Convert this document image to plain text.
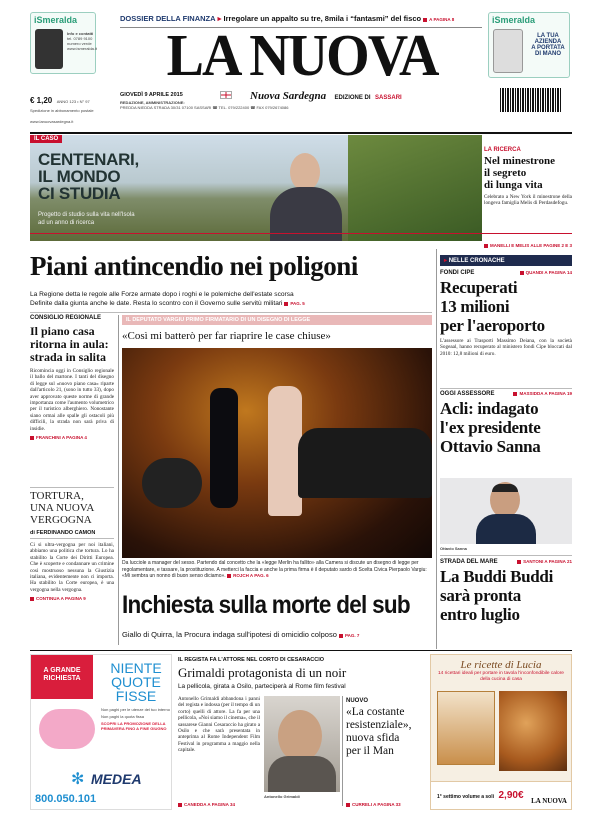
iSmeralda
Info e contatti
tel. 0789 9100
numero verde
www.ismeralda.it
€ 1,20 ANNO 123 • N° 97
Spedizione in abbonamento postale
www.lanuovasardegna.it
DOSSIER DELLA FINANZA ▸ Irregolare un appalto su tre, 8mila i “fantasmi” del fisco A PAGINA 8
LA NUOVA
Nuova Sardegna EDIZIONE DI SASSARI
GIOVEDÌ 9 APRILE 2015
REDAZIONE, AMMINISTRAZIONE:
PREDDA NIEDDA STRADA 30/31 07100 SASSARI ☎ TEL. 079/222400 ☎ FAX 079/2674086
iSmeralda
LA TUA
AZIENDA
A PORTATA
DI MANO
IL CASO
CENTENARI,
IL MONDO
CI STUDIA
Progetto di studio sulla vita nell'Isola
ad un anno di ricerca
LA RICERCA
Nel minestrone
il segreto
di lunga vita
Celebrato a New York il minestrone della longeva famiglia Melis di Perdasdefogu.
MANELLI E MELIS ALLE PAGINE 2 E 3
Piani antincendio nei poligoni
La Regione detta le regole alle Forze armate dopo i roghi e le polemiche dell'estate scorsa
Definite dalla giunta anche le date. Resta lo scontro con il Governo sulle servitù militari PAG. 5
CONSIGLIO REGIONALE
Il piano casa
ritorna in aula:
strada in salita
Ricomincia oggi in Consiglio regionale il ballo del martone. I tanti del disegno di legge sul «nuovo piano casa» riparte dall'articolo 21, (sono in tutto 33), dopo aver approvato queste norme di grande importanza come l'aumento volumetrico per il turistico alberghiero. Nonostante siano ormai alle spalle gli ostacoli più difficili, la strada non sarà priva di insidie.
FRANCHINI A PAGINA 4
TORTURA,
UNA NUOVA
VERGOGNA
di FERDINANDO CAMON
Ci si ultra-vergogna per noi italiani, abbiamo una politica che tortura. Lo ha stabilito la Corte dei Diritti Europea. Che è scoperte e condannare un crimine così mostruoso nessuna la Giustizia italiana, evidentemente non ci importa. Ha stabilito la Corte europea, è una vergogna nella vergogna.
CONTINUA A PAGINA 9
IL DEPUTATO VARGIU PRIMO FIRMATARIO DI UN DISEGNO DI LEGGE
«Così mi batterò per far riaprire le case chiuse»
Da lucciole a manager del sesso. Partendo dal concetto che la «legge Merlin ha fallito» alla Camera si discute un disegno di legge per regolamentare, e tassare, la prostituzione. A metterci la faccia e anche la prima firma è il deputato sardo di Scelta Civica Pierpaolo Vargiu: «Mi sembra un nonno di buon senso diciamo». ROJCH A PAG. 6
Inchiesta sulla morte del sub
Giallo di Quirra, la Procura indaga sull'ipotesi di omicidio colposo PAG. 7
▸ NELLE CRONACHE
FONDI CIPE	QUANDI A PAGINA 14
Recuperati
13 milioni
per l'aeroporto
L'assessore ai Trasporti Massimo Deiana, con la società Sogeaal, hanno recuperato al ministero fondi Cipe bloccati dal 2010: 12,8 milioni di euro.
OGGI ASSESSORE	MASSIDDA A PAGINA 19
Acli: indagato
l'ex presidente
Ottavio Sanna
Ottavio Sanna
STRADA DEL MARE	SANTONI A PAGINA 21
La Buddi Buddi
sarà pronta
entro luglio
A GRANDE
RICHIESTA
NIENTE
QUOTE
FISSE
Non paghi per le utenze del tuo interno
Non paghi la quota fissa
SCOPRI LA PROMOZIONE DELLA PRIMAVERA FINO A FINE GIUGNO
MEDEA
✻
800.050.101
IL REGISTA FA L'ATTORE NEL CORTO DI CESARACCIO
Grimaldi protagonista di un noir
La pellicola, girata a Osilo, parteciperà al Rome film festival
Antonello Grimaldi abbandona i panni del regista e indossa (per il tempo di un corto) quelli di attore. La fa per una pellicola, «Noi siamo il cinema», che il sassarese Gianni Cesaraccio ha girato a Osilo e che sarà presentata in anteprima al Rome Independent Film Festival in programma a maggio nella capitale.
Antonello Grimaldi
CANEDDA A PAGINA 34
NUOVO
«La costante
resistenziale»,
nuova sfida
per il Man
CURRELI A PAGINA 33
Le ricette di Lucia
14 ricettari ideali per portare in tavola l'inconfondibile calore della cucina di casa
1° settimo volume a soli 2,90€ LA NUOVA
